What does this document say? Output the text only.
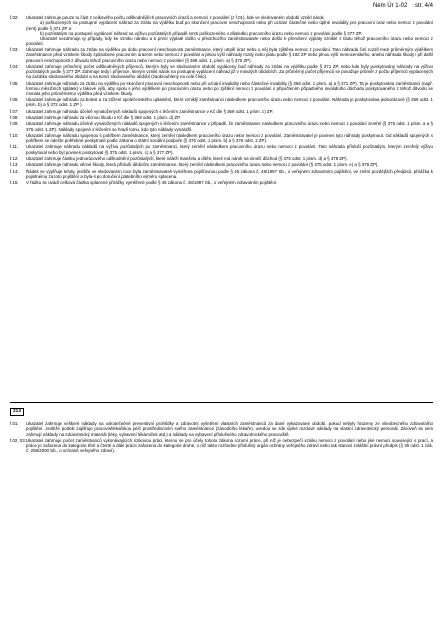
Nem Úr 1-02 str. 4/4
f.02:	Ukazatel zahrnuje pouze tu část z celkového počtu odškodnějších pracovních úrazů a nemocí z povolání (z f.01), kde ve sledovaném období vznikl nárok
a) poškozených na postupné vyplácení náhrad za ztrátu na výdělku buď po skončení pracovní neschopnosti nebo při uznání částečné nebo úplné invalidity pro pracovní úraz nebo nemoc z povolání (rent) podle § 371 ZP a
b) pozůstalým na postupné vyplácení náhrad na výživu pozůstalých případě smrti poškozeného v důsledku pracovního úrazu nebo nemoci z povolání podle § 377 ZP.
Ukazatel nezahrnuje ty případy, kdy ke vzniku nároku a k první výplatě došlo u předchozího zaměstnavatele nebo došlo k přerušení výplaty vzniklé z titulu téhož pracovního úrazu nebo nemoci z povolání.
f.03:	Ukazatel zahrnuje náhradu za ztrátu na výdělku po dobu pracovní neschopnosti zaměstnance, který utrpěl úraz nebo u něj byla zjištěna nemoc z povolání. Tato náhrada činí rozdíl mezi průměrným výdělkem zaměstnance před vznikem škody způsobené pracovním úrazem nebo nemocí z povolání a plnou výší náhrady mzdy nebo platu podle § 192 ZP nebo plnou výší nemocenského, anebo náhrada škody i při další pracovní neschopnosti z důvodu téhož pracovního úrazu nebo nemoci z povolání (§ 369 odst. 1, písm. a) § 370 ZP).
f.04:	Ukazatel zahrnuje průměrný počet odškodněných příjemců, kterým byly ve sledovaném období vypláceny buď náhrady za ztrátu na výdělku podle § 371 ZP, nebo kde byly poskytovány náhrady na výživu pozůstalých podle § 377 ZP. Zahrnuje tedy i příjemce, kterým vznikl nárok na postupné vyplácení náhrad již v minulých obdobích. Za průměrný počet příjemců se považuje průměr z počtu příjemců vyplacených na začátku sledovaného období a na konci sledovaného období (zaokrouhlený na celé číslo).
f.05:	Ukazatel zahrnuje náhradu za ztrátu na výdělku po skončení pracovní neschopnosti nebo při uznání invalidity nebo částečné invalidity (§ 369 odst. 1 písm. a) a § 371 ZP). Ta je poskytována zaměstnanci (např. formou měsíčních splátek) v takové výši, aby spolu s jeho výdělkem po pracovním úrazu nebo po zjištění nemoci z povolání s připočtením případného invalidního důchodu poskytovaného z téhož důvodu se rovnala jeho průměrnému výdělku před vznikem škody.
f.06:	Ukazatel zahrnuje náhradu za bolest a za ztížení společenského uplatnění, které vzniklý zaměstnanci následkem pracovního úrazu nebo nemoci z povolání. Náhrada je poskytována jednorázově (§ 369 odst. 1 písm. b) a § 372 odst. 1 ZP ).
f.07:	Ukazatel zahrnuje náhradu účelně vynaložených nákladů spojených s léčením zaměstnance v Kč dle § 369 odst. 1 písm. c) ZP.
f.08:	Ukazatel zahrnuje náhradu za věcnou škodu v Kč dle § 369 odst. 1 písm. d) ZP.
f.09:	Ukazatel zahrnuje náhradu účelně vynaložených nákladů spojených s léčením zaměstnance v případě, že zaměstnanec následkem pracovního úrazu nebo nemoci z povolání zemřel (§ 375 odst. 1 písm. a a § 376 odst. 1 ZP). Náklady spojené s léčením se hradí tomu, kdo tyto náklady vynaložil.
f.10:	Ukazatel zahrnuje náhradu spojenou s pohřbem zaměstnance, který zemřel následkem pracovního úrazu nebo nemoci z povolání. Zaměstnavatel je povinen tyto náhrady poskytnout. Od nákladů spojených s pohřbem se odečte pohřebné poskytnuté podle zákona o státní sociální podpoře (§ 375 odst. 1 písm. b) a § 376 odst. 2 ZP).
f.11:	Ukazatel zahrnuje náhradu nákladů na výživu pozůstalých po zaměstnanci, který zemřel následkem pracovního úrazu nebo nemoci z povolání. Tato náhrada přísluší pozůstalým, kterým zemřelý výživu poskytoval nebo byl povinen poskytovat (§ 375 odst. 1 písm. c) a § 377 ZP).
f.12:	Ukazatel zahrnuje částku jednorázového odškodnění pozůstalých, které náleží manželu a dítěti, které má nárok na sirotčí důchod (§ 375 odst. 1 písm. d) a § 378 ZP).
f.13:	Ukazatel zahrnuje náhradu věcné škody, která přísluší dědicům zaměstnance, který zemřel následkem pracovního úrazu nebo nemoci z povolání (§ 375 odst. 1 písm. e) a § 379 ZP).
f.14:	Řádek se vyplňuje tehdy, jestliže ve sledovaném roce byla zaměstnavateli vyměřena pojišťovnou podle § 45 zákona č. 48/1997 Sb., o veřejném zdravotním pojištění, ve znění pozdějších předpisů, přirážka k pojistnému za toto pojištění a byla-li po doručení platebního výměru splacena.
f.15:	V řádku se uvádí celková částka splacené přirážky vyměřené podle § 45 zákona č. 48/1997 Sb., o veřejném zdravotním pojištění.
213
f.01:	Ukazatel zahrnuje veškeré náklady na uskutečněné preventivní prohlídky a zdravotní vyšetření vlastních zaměstnanců za dané vykazované období, pokud nebyly hrazeny ze všeobecného zdravotního pojištění. Jestliže podnik zajišťuje pracovnělékařskou péči prostřednictvím svého zaměstnance (závodního lékaře), uvedou se zde úplné mzdové náklady na vlastní zdravotnický personál. Zároveň se sem zahrnují náklady na zdravotnický materiál (léky, vybavení lékárniček atd.) a náklady na vybavení příslušného zdravotnického pracoviště.
f.02, 03: Ukazatel zahrnuje počet zaměstnanců vykonávajících rizikovou práci, kterou se pro účely tohoto zákona rozumí práce, při níž je nebezpečí vzniku nemoci z povolání nebo jiné nemoci související s prací, a práce je zařazena do kategorie třetí a čtvrté a dále práce zařazená do kategorie druhé, o níž takto rozhodne příslušný orgán ochrany veřejného zdraví nebo tak stanoví zvláštní právní předpis (§ 39 odst. 1 zák. č. 258/2000 Sb., o ochraně veřejného zdraví).
